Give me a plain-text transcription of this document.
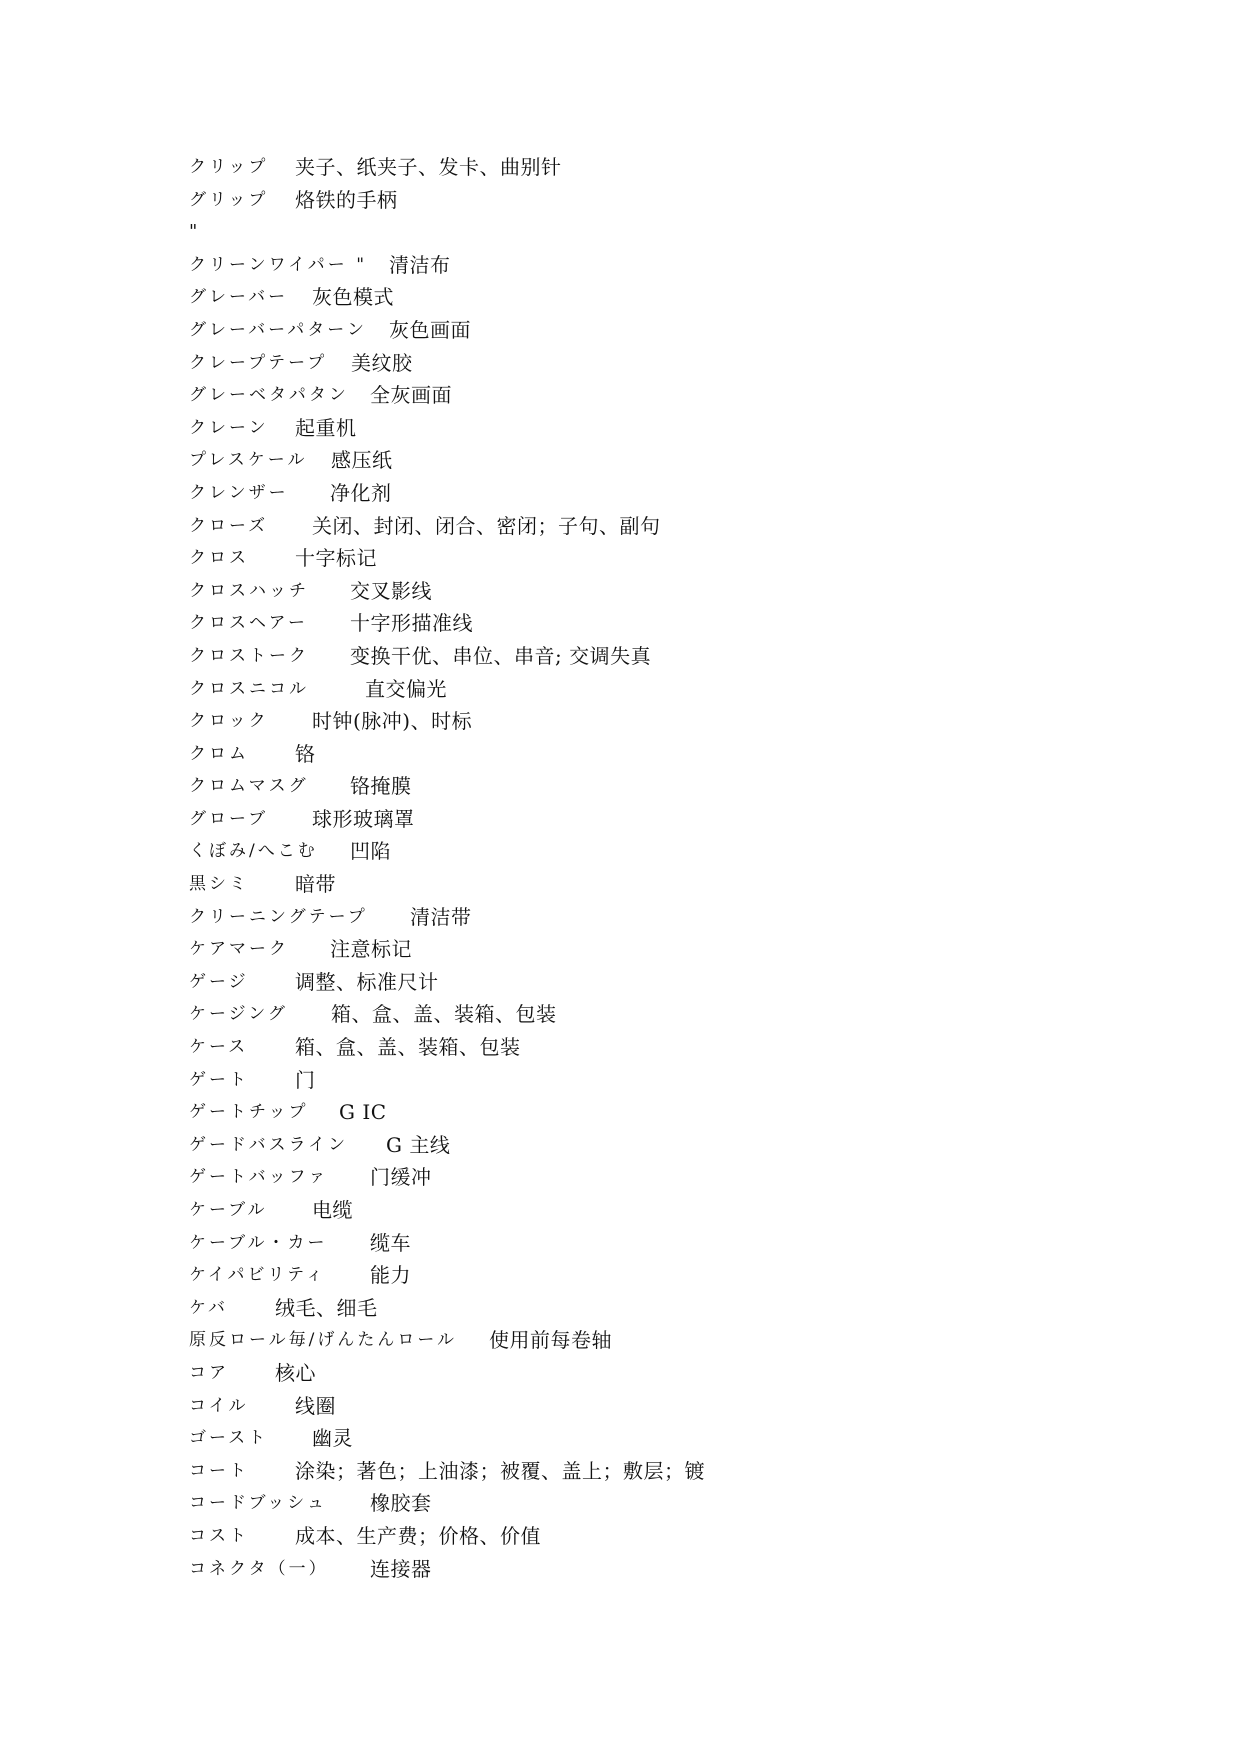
クリップ 夹子、纸夹子、发卡、曲别针
グリップ 烙铁的手柄
"
クリーンワイパー " 清洁布
グレーバー 灰色模式
グレーバーパターン 灰色画面
クレープテープ 美纹胶
グレーベタパタン 全灰画面
クレーン 起重机
プレスケール 感压纸
クレンザー 净化剂
クローズ 关闭、封闭、闭合、密闭；子句、副句
クロス 十字标记
クロスハッチ 交叉影线
クロスヘアー 十字形描准线
クロストーク 变换干优、串位、串音; 交调失真
クロスニコル	直交偏光
クロック 时钟(脉冲)、时标
クロム 铬
クロムマスグ 铬掩膜
グローブ 球形玻璃罩
くぼみ/へこむ 凹陷
黒シミ 暗带
クリーニングテープ 清洁带
ケアマーク 注意标记
ゲージ 调整、标准尺计
ケージング 箱、盒、盖、装箱、包装
ケース 箱、盒、盖、装箱、包装
ゲート 门
ゲートチップ G IC
ゲードバスライン G 主线
ゲートバッファ 门缓冲
ケーブル 电缆
ケーブル・カー 缆车
ケイパビリティ 能力
ケバ 绒毛、细毛
原反ロール毎/げんたんロール 使用前每卷轴
コア 核心
コイル 线圈
ゴースト 幽灵
コート 涂染；著色；上油漆；被覆、盖上；敷层；镀
コードブッシュ 橡胶套
コスト 成本、生产费；价格、价值
コネクタ（一） 连接器
